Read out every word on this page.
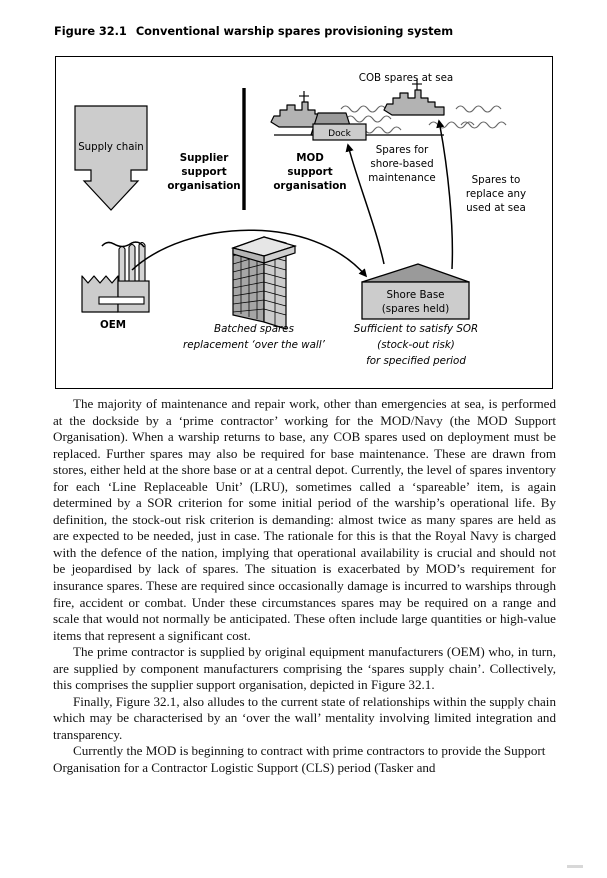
Figure 32.1 Conventional warship spares provisioning system
Supply chain
Supplier
support
organisation
MOD
support
organisation
COB spares at sea
Dock
Spares for
shore-based
maintenance	Spares to
replace any
used at sea
OEM	Batched spares
replacement ‘over the wall’
Shore Base
(spares held)
Sufficient to satisfy SOR
(stock-out risk)
for specified period

The majority of maintenance and repair work, other than emergencies at sea, is performed at the dockside by a ‘prime contractor’ working for the MOD/Navy (the MOD Support Organisation). When a warship returns to base, any COB spares used on deployment must be replaced. Further spares may also be required for base maintenance. These are drawn from stores, either held at the shore base or at a central depot. Currently, the level of spares inventory for each ‘Line Replaceable Unit’ (LRU), sometimes called a ‘spareable’ item, is again determined by a SOR criterion for some initial period of the warship’s operational life. By definition, the stock-out risk criterion is demanding: almost twice as many spares are held as are expected to be needed, just in case. The rationale for this is that the Royal Navy is charged with the defence of the nation, implying that operational availability is crucial and should not be jeopardised by lack of spares. The situation is exacerbated by MOD’s requirement for insurance spares. These are required since occasionally damage is incurred to warships through fire, accident or combat. Under these circumstances spares may be required on a range and scale that would not normally be anticipated. These often include large quantities or high-value items that represent a significant cost.

The prime contractor is supplied by original equipment manufacturers (OEM) who, in turn, are supplied by component manufacturers comprising the ‘spares supply chain’. Collectively, this comprises the supplier support organisation, depicted in Figure 32.1.

Finally, Figure 32.1, also alludes to the current state of relationships within the supply chain which may be characterised by an ‘over the wall’ mentality involving limited integration and transparency.

Currently the MOD is beginning to contract with prime contractors to provide the Support Organisation for a Contractor Logistic Support (CLS) period (Tasker and
